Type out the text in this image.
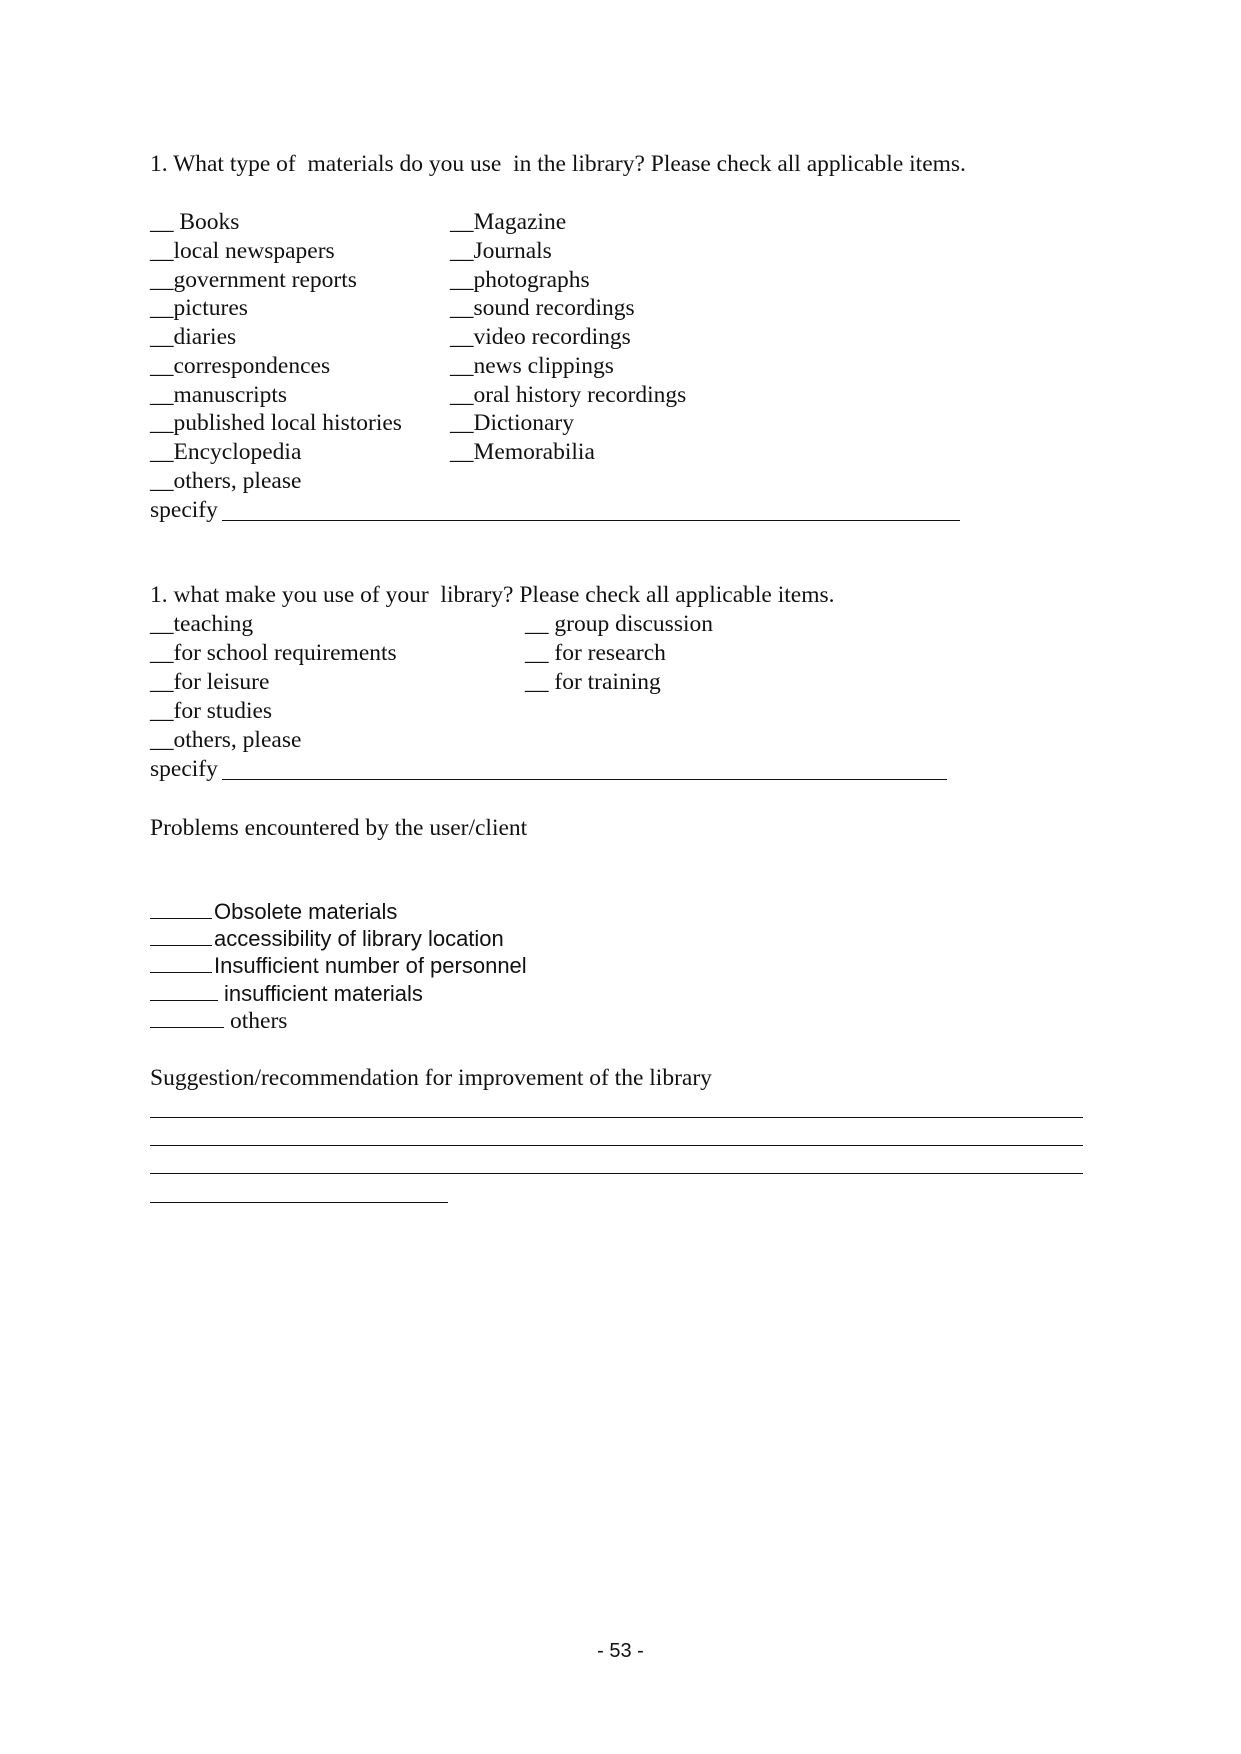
1. What type of  materials do you use  in the library? Please check all applicable items.
__ Books
__local newspapers
__government reports
__pictures
__diaries
__correspondences
__manuscripts
__published local histories
__Encyclopedia
__others, please
__Magazine
__Journals
__photographs
__sound recordings
__video recordings
__news clippings
__oral history recordings
__Dictionary
__Memorabilia
specify
1. what make you use of your  library? Please check all applicable items.
__teaching
__for school requirements
__for leisure
__for studies
__others, please
__ group discussion
__ for research
__ for training
specify
Problems encountered by the user/client
Obsolete materials
accessibility of library location
Insufficient number of personnel
insufficient materials
others
Suggestion/recommendation for improvement of the library
- 53 -
